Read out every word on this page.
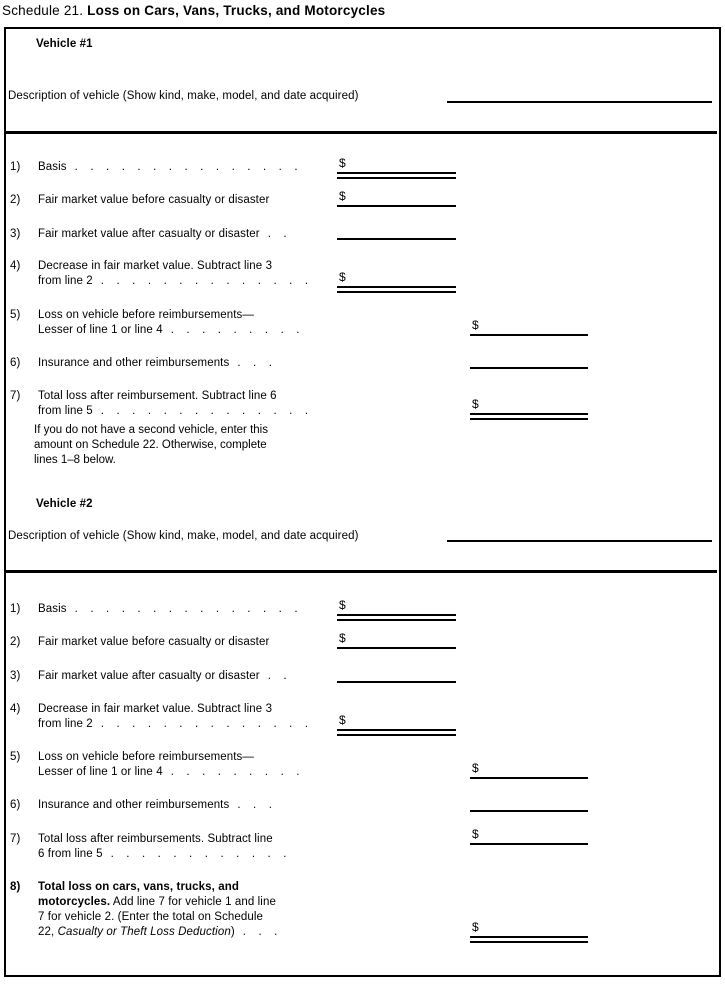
Schedule 21. Loss on Cars, Vans, Trucks, and Motorcycles
Vehicle #1
Description of vehicle (Show kind, make, model, and date acquired)
1)	Basis ...............	$
2)	Fair market value before casualty or disaster	$
3)	Fair market value after casualty or disaster ..
4)	Decrease in fair market value. Subtract line 3
from line 2 ..............	$
5)	Loss on vehicle before reimbursements—
Lesser of line 1 or line 4 .........	$
6)	Insurance and other reimbursements ...
7)	Total loss after reimbursement. Subtract line 6
from line 5 ..............	$
If you do not have a second vehicle, enter this
amount on Schedule 22. Otherwise, complete
lines 1–8 below.
Vehicle #2
Description of vehicle (Show kind, make, model, and date acquired)
1)	Basis ...............	$
2)	Fair market value before casualty or disaster	$
3)	Fair market value after casualty or disaster ..
4)	Decrease in fair market value. Subtract line 3
from line 2 ..............	$
5)	Loss on vehicle before reimbursements—
Lesser of line 1 or line 4 .........	$
6)	Insurance and other reimbursements ...
7)	Total loss after reimbursements. Subtract line
6 from line 5 ............
$
8)	Total loss on cars, vans, trucks, and
motorcycles. Add line 7 for vehicle 1 and line
7 for vehicle 2. (Enter the total on Schedule
22, Casualty or Theft Loss Deduction) ...	$
